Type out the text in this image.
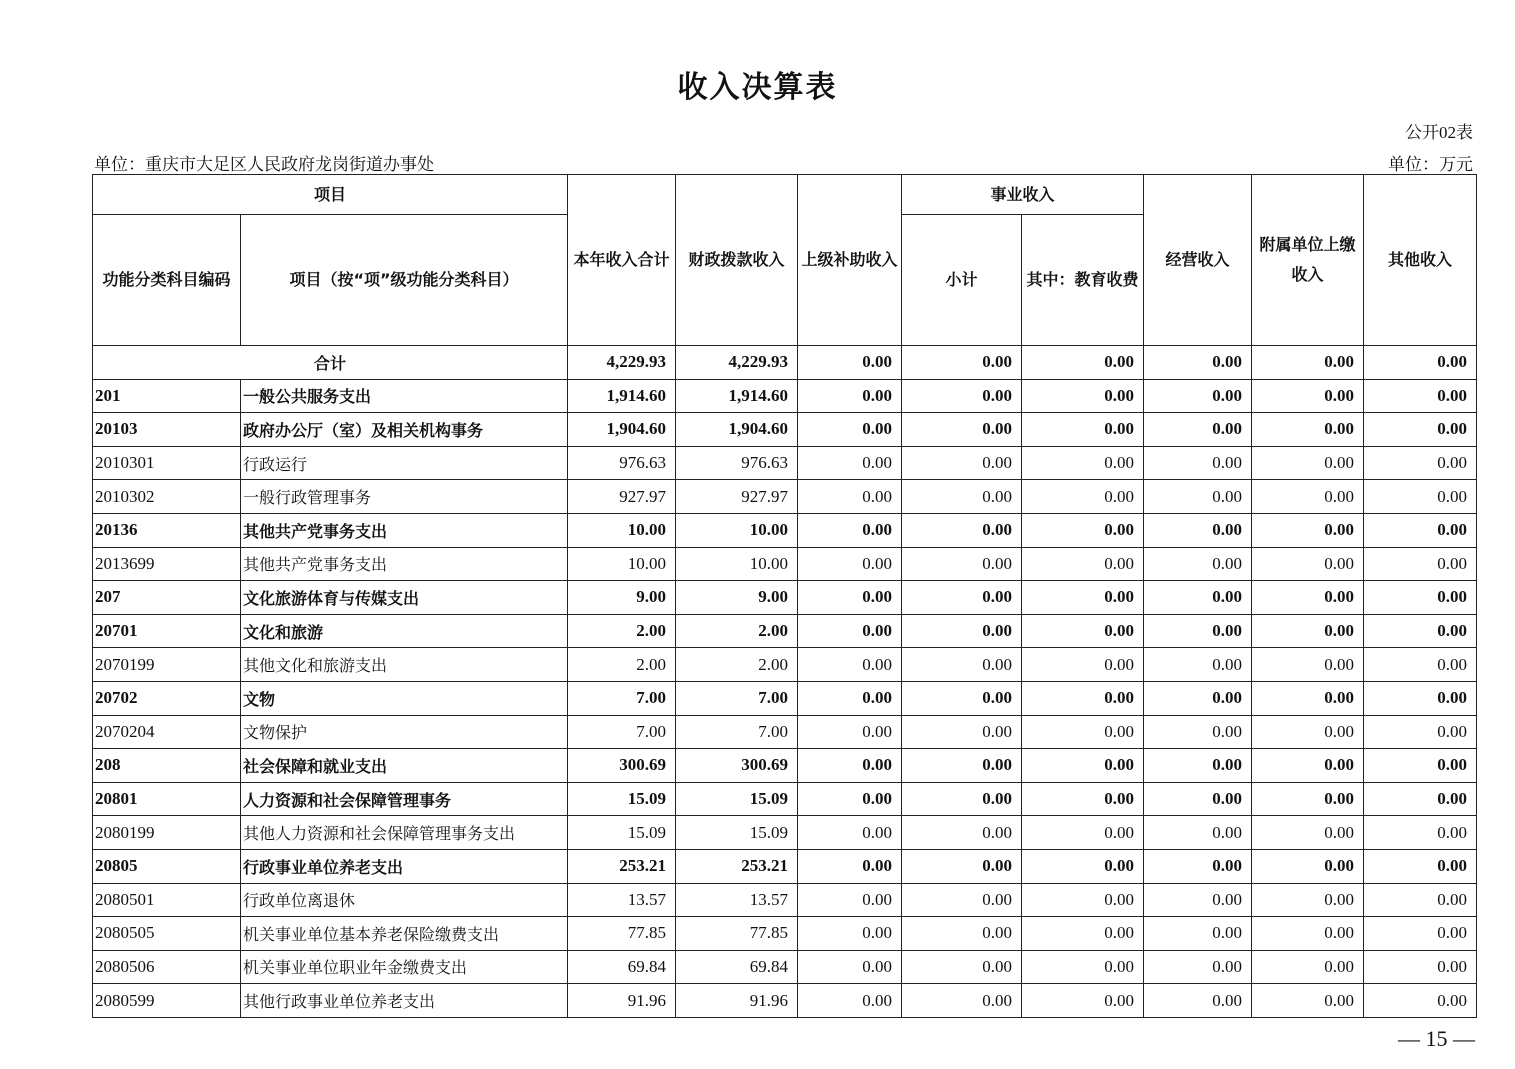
收入决算表
公开02表
单位：重庆市大足区人民政府龙岗街道办事处	单位：万元
项目		本年收入合计	财政拨款收入	上级补助收入	事业收入		经营收入	附属单位上缴收入	其他收入
功能分类科目编码	项目（按“项”级功能分类科目）				小计	其中：教育收费			
合计		4,229.93	4,229.93	0.00	0.00	0.00	0.00	0.00	0.00
201	一般公共服务支出	1,914.60	1,914.60	0.00	0.00	0.00	0.00	0.00	0.00
20103	政府办公厅（室）及相关机构事务	1,904.60	1,904.60	0.00	0.00	0.00	0.00	0.00	0.00
2010301	行政运行	976.63	976.63	0.00	0.00	0.00	0.00	0.00	0.00
2010302	一般行政管理事务	927.97	927.97	0.00	0.00	0.00	0.00	0.00	0.00
20136	其他共产党事务支出	10.00	10.00	0.00	0.00	0.00	0.00	0.00	0.00
2013699	其他共产党事务支出	10.00	10.00	0.00	0.00	0.00	0.00	0.00	0.00
207	文化旅游体育与传媒支出	9.00	9.00	0.00	0.00	0.00	0.00	0.00	0.00
20701	文化和旅游	2.00	2.00	0.00	0.00	0.00	0.00	0.00	0.00
2070199	其他文化和旅游支出	2.00	2.00	0.00	0.00	0.00	0.00	0.00	0.00
20702	文物	7.00	7.00	0.00	0.00	0.00	0.00	0.00	0.00
2070204	文物保护	7.00	7.00	0.00	0.00	0.00	0.00	0.00	0.00
208	社会保障和就业支出	300.69	300.69	0.00	0.00	0.00	0.00	0.00	0.00
20801	人力资源和社会保障管理事务	15.09	15.09	0.00	0.00	0.00	0.00	0.00	0.00
2080199	其他人力资源和社会保障管理事务支出	15.09	15.09	0.00	0.00	0.00	0.00	0.00	0.00
20805	行政事业单位养老支出	253.21	253.21	0.00	0.00	0.00	0.00	0.00	0.00
2080501	行政单位离退休	13.57	13.57	0.00	0.00	0.00	0.00	0.00	0.00
2080505	机关事业单位基本养老保险缴费支出	77.85	77.85	0.00	0.00	0.00	0.00	0.00	0.00
2080506	机关事业单位职业年金缴费支出	69.84	69.84	0.00	0.00	0.00	0.00	0.00	0.00
2080599	其他行政事业单位养老支出	91.96	91.96	0.00	0.00	0.00	0.00	0.00	0.00
— 15 —
